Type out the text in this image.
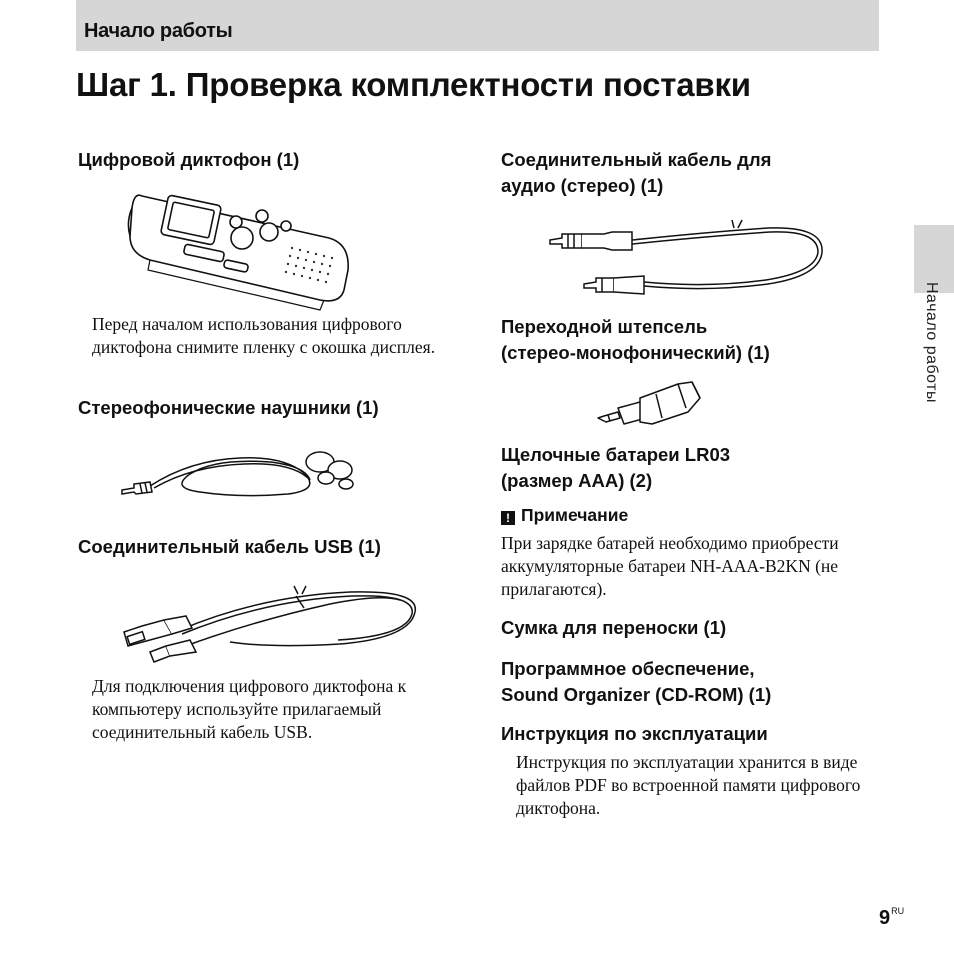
Начало работы
Шаг 1. Проверка комплектности поставки
Цифровой диктофон (1)

Перед началом использования цифрового диктофона снимите пленку с окошка дисплея.

Стереофонические наушники (1)
Соединительный кабель USB (1)

Для подключения цифрового диктофона к компьютеру используйте прилагаемый соединительный кабель USB.

Соединительный кабель для
аудио (стерео) (1)
Переходной штепсель
(стерео-монофонический) (1)
Щелочные батареи LR03
(размер AAA) (2)
! Примечание

При зарядке батарей необходимо приобрести аккумуляторные батареи NH-AAA-B2KN (не прилагаются).

Сумка для переноски (1)
Программное обеспечение,
Sound Organizer (CD-ROM) (1)
Инструкция по эксплуатации

Инструкция по эксплуатации хранится в виде файлов PDF во встроенной памяти цифрового диктофона.

Начало работы
$9^{RU}$
